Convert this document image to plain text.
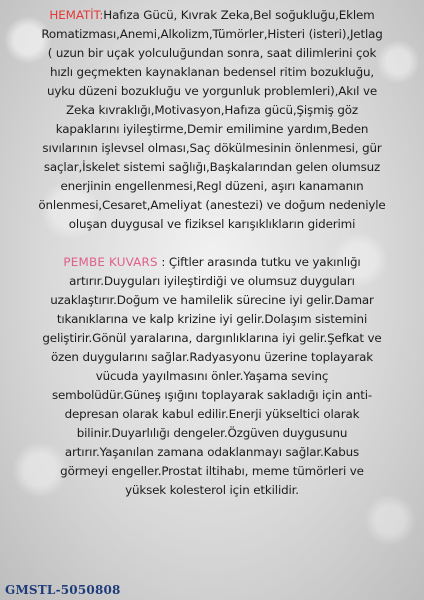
HEMATİT:Hafıza Gücü, Kıvrak Zeka,Bel soğukluğu,Eklem
Romatizması,Anemi,Alkolizm,Tümörler,Histeri (isteri),Jetlag
( uzun bir uçak yolculuğundan sonra, saat dilimlerini çok
hızlı geçmekten kaynaklanan bedensel ritim bozukluğu,
uyku düzeni bozukluğu ve yorgunluk problemleri),Akıl ve
Zeka kıvraklığı,Motivasyon,Hafıza gücü,Şişmiş göz
kapaklarını iyileştirme,Demir emilimine yardım,Beden
sıvılarının işlevsel olması,Saç dökülmesinin önlenmesi, gür
saçlar,İskelet sistemi sağlığı,Başkalarından gelen olumsuz
enerjinin engellenmesi,Regl düzeni, aşırı kanamanın
önlenmesi,Cesaret,Ameliyat (anestezi) ve doğum nedeniyle
oluşan duygusal ve fiziksel karışıklıkların giderimi

PEMBE KUVARS : Çiftler arasında tutku ve yakınlığı
artırır.Duyguları iyileştirdiği ve olumsuz duyguları
uzaklaştırır.Doğum ve hamilelik sürecine iyi gelir.Damar
tıkanıklarına ve kalp krizine iyi gelir.Dolaşım sistemini
geliştirir.Gönül yaralarına, dargınlıklarına iyi gelir.Şefkat ve
özen duygularını sağlar.Radyasyonu üzerine toplayarak
vücuda yayılmasını önler.Yaşama sevinç
sembolüdür.Güneş ışığını toplayarak sakladığı için anti-
depresan olarak kabul edilir.Enerji yükseltici olarak
bilinir.Duyarlılığı dengeler.Özgüven duygusunu
artırır.Yaşanılan zamana odaklanmayı sağlar.Kabus
görmeyi engeller.Prostat iltihabı, meme tümörleri ve
yüksek kolesterol için etkilidir.

GMSTL-5050808
